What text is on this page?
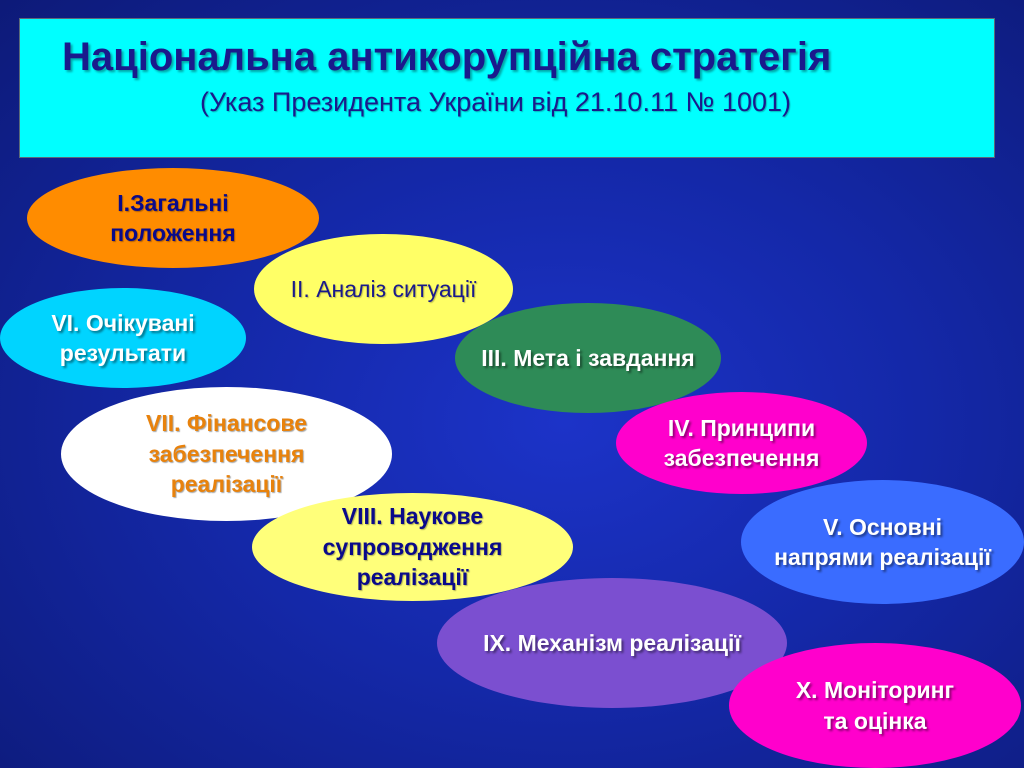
Національна антикорупційна стратегія

(Указ Президента України від 21.10.11 № 1001)

І.Загальні
положення
ІІ. Аналіз ситуації
ІІІ. Мета і завдання
ІV. Принципи
забезпечення
V. Основні
напрями реалізації
VІ. Очікувані
результати
VІІ. Фінансове
забезпечення
реалізації
VІІІ. Наукове
супроводження
реалізації
ІХ. Механізм реалізації
Х. Моніторинг
та оцінка
